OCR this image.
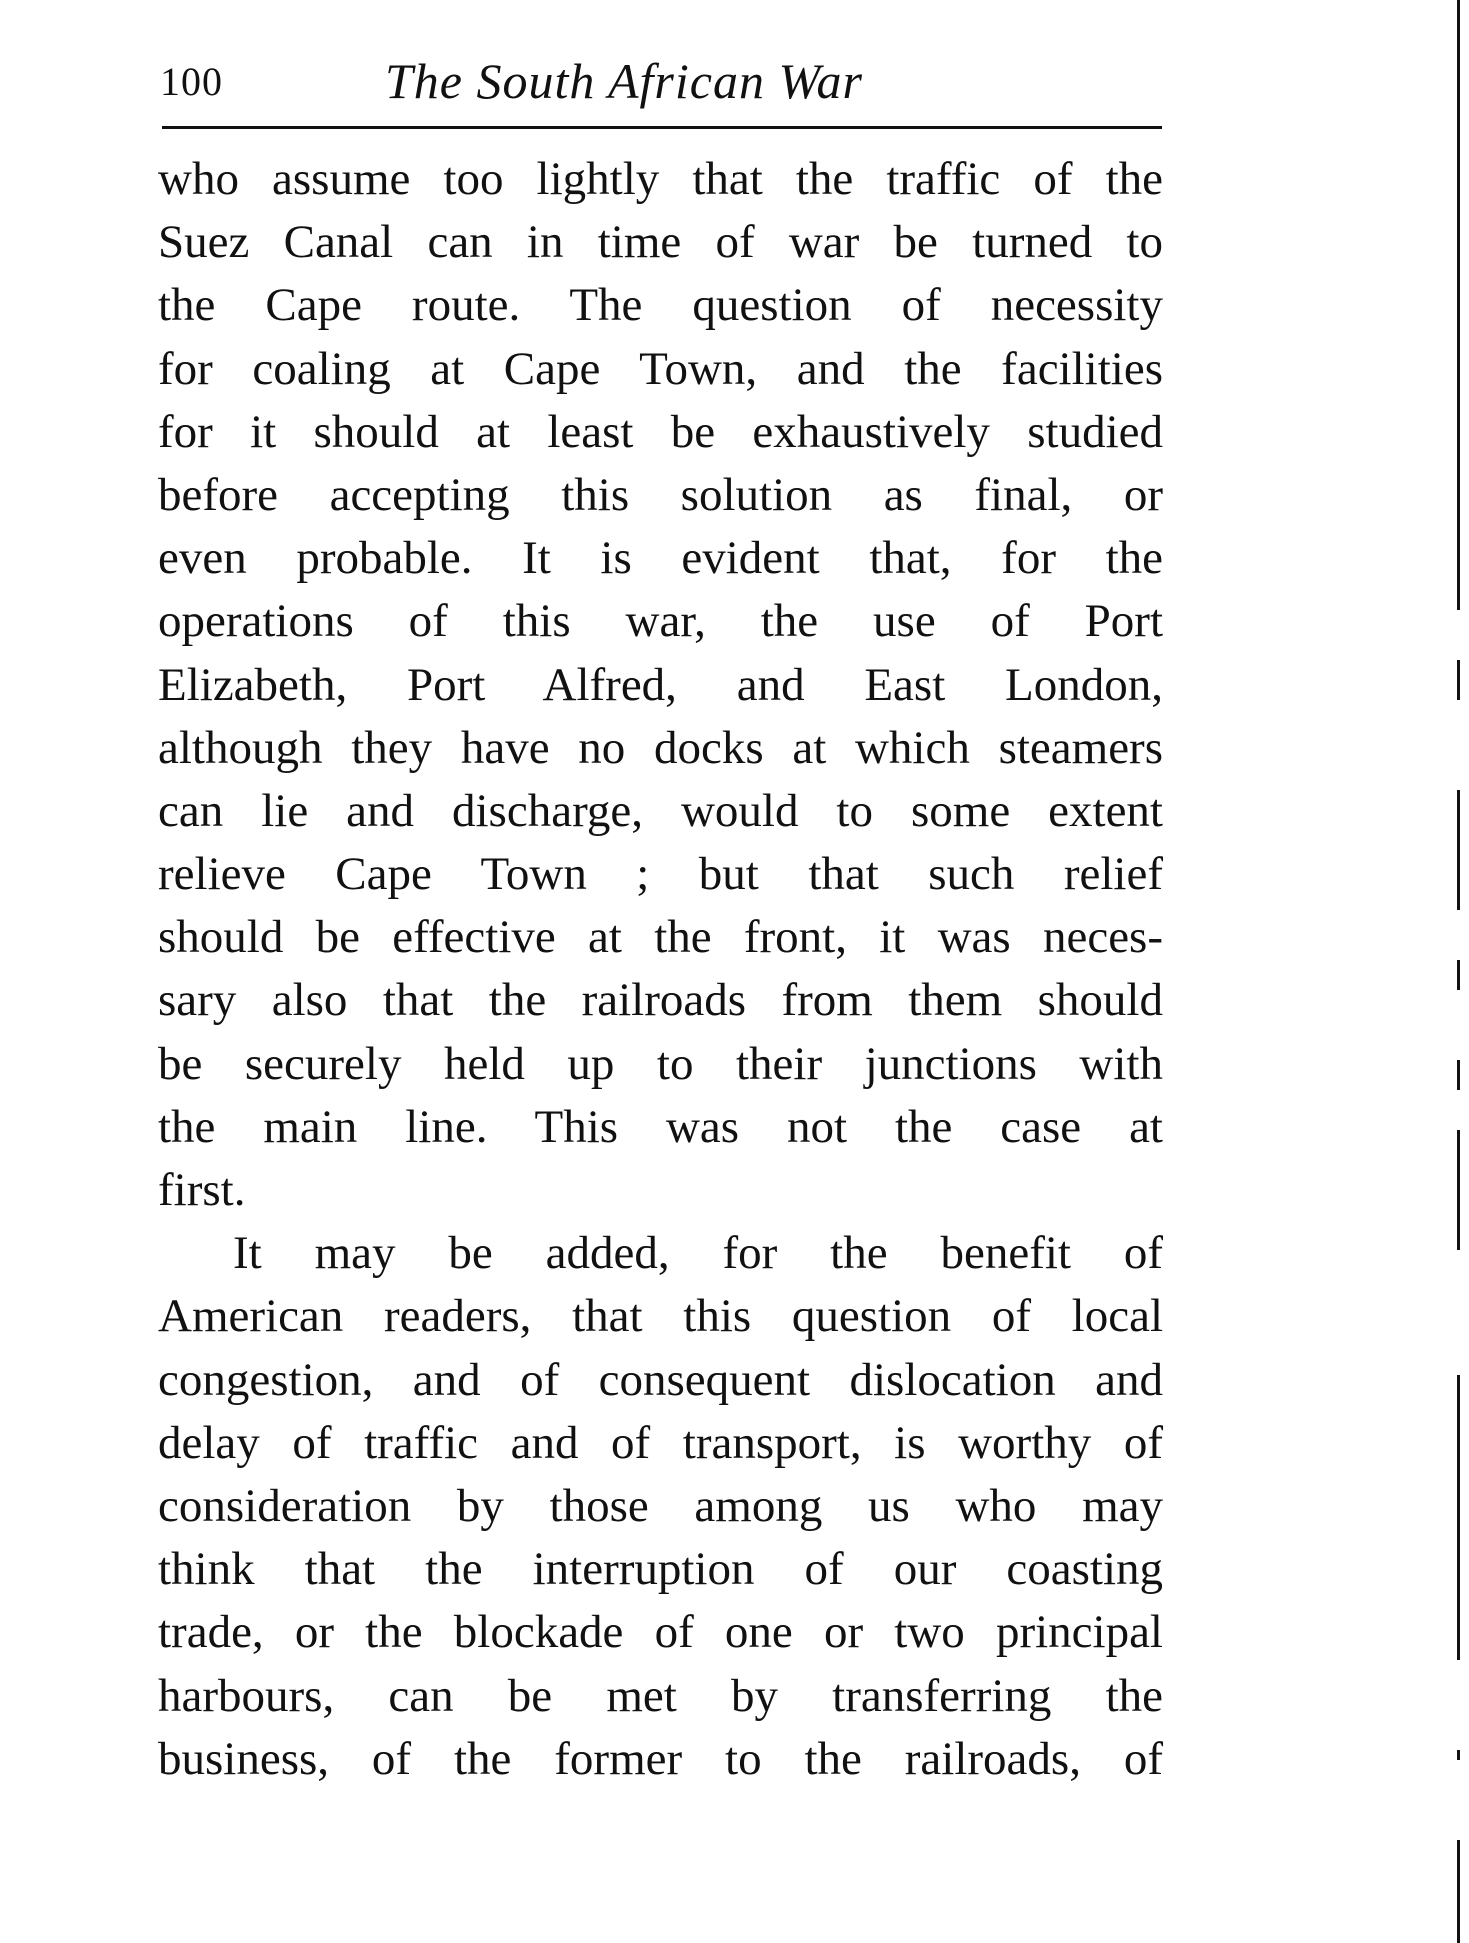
100	The South African War
who assume too lightly that the traffic of the
Suez Canal can in time of war be turned to
the Cape route. The question of necessity
for coaling at Cape Town, and the facilities
for it should at least be exhaustively studied
before accepting this solution as final, or
even probable. It is evident that, for the
operations of this war, the use of Port
Elizabeth, Port Alfred, and East London,
although they have no docks at which steamers
can lie and discharge, would to some extent
relieve Cape Town ; but that such relief
should be effective at the front, it was neces-
sary also that the railroads from them should
be securely held up to their junctions with
the main line. This was not the case at
first.
It may be added, for the benefit of
American readers, that this question of local
congestion, and of consequent dislocation and
delay of traffic and of transport, is worthy of
consideration by those among us who may
think that the interruption of our coasting
trade, or the blockade of one or two principal
harbours, can be met by transferring the
business, of the former to the railroads, of
